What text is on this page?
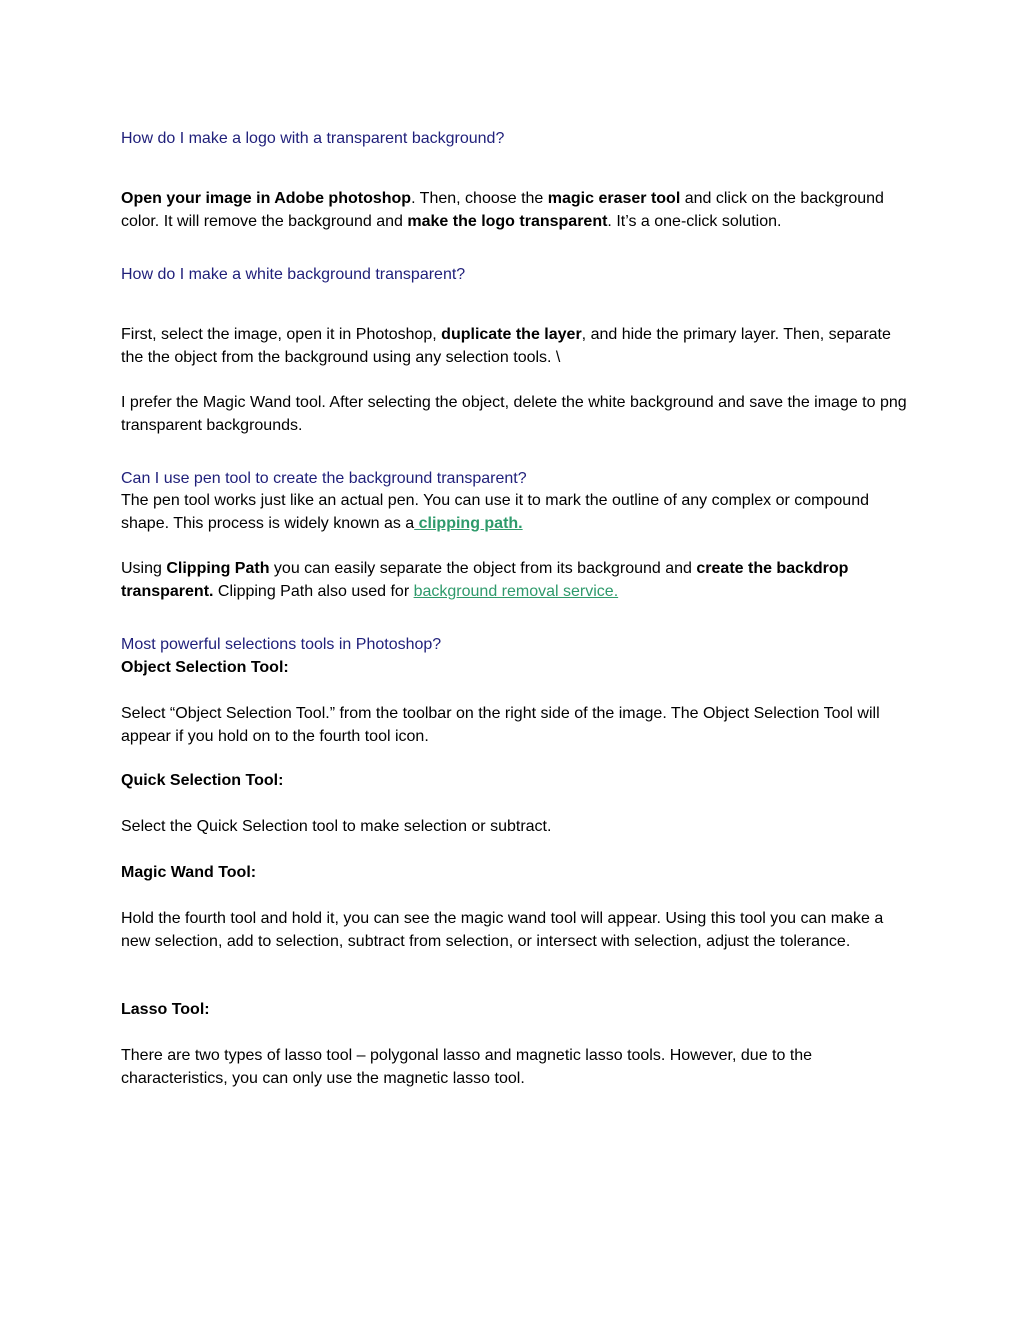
How do I make a logo with a transparent background?

Open your image in Adobe photoshop. Then, choose the magic eraser tool and click on the background color. It will remove the background and make the logo transparent. It’s a one-click solution.

How do I make a white background transparent?

First, select the image, open it in Photoshop, duplicate the layer, and hide the primary layer. Then, separate the the object from the background using any selection tools. \

I prefer the Magic Wand tool. After selecting the object, delete the white background and save the image to png transparent backgrounds.

Can I use pen tool to create the background transparent?

The pen tool works just like an actual pen. You can use it to mark the outline of any complex or compound shape. This process is widely known as a clipping path.

Using Clipping Path you can easily separate the object from its background and create the backdrop transparent. Clipping Path also used for background removal service.

Most powerful selections tools in Photoshop?
Object Selection Tool:

Select “Object Selection Tool.” from the toolbar on the right side of the image. The Object Selection Tool will appear if you hold on to the fourth tool icon.

Quick Selection Tool:

Select the Quick Selection tool to make selection or subtract.

Magic Wand Tool:

Hold the fourth tool and hold it, you can see the magic wand tool will appear. Using this tool you can make a new selection, add to selection, subtract from selection, or intersect with selection, adjust the tolerance.

Lasso Tool:

There are two types of lasso tool – polygonal lasso and magnetic lasso tools. However, due to the characteristics, you can only use the magnetic lasso tool.
